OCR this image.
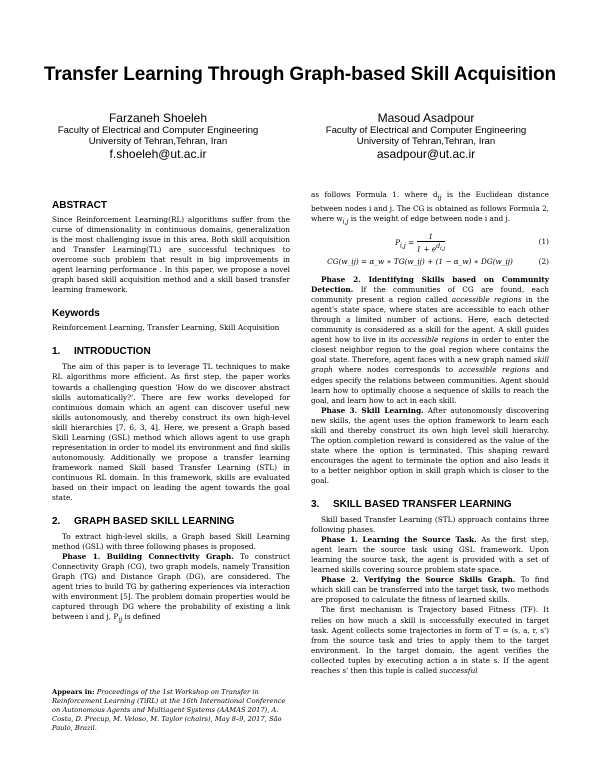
Transfer Learning Through Graph-based Skill Acquisition
Farzaneh Shoeleh
Faculty of Electrical and Computer Engineering
University of Tehran,Tehran, Iran
f.shoeleh@ut.ac.ir
Masoud Asadpour
Faculty of Electrical and Computer Engineering
University of Tehran,Tehran, Iran
asadpour@ut.ac.ir
ABSTRACT

Since Reinforcement Learning(RL) algorithms suffer from the curse of dimensionality in continuous domains, generalization is the most challenging issue in this area. Both skill acquisition and Transfer Learning(TL) are successful techniques to overcome such problem that result in big improvements in agent learning performance . In this paper, we propose a novel graph based skill acquisition method and a skill based transfer learning framework.

Keywords

Reinforcement Learning, Transfer Learning, Skill Acquisition

1. INTRODUCTION

The aim of this paper is to leverage TL techniques to make RL algorithms more efficient. As first step, the paper works towards a challenging question 'How do we discover abstract skills automatically?'. There are few works developed for continuous domain which an agent can discover useful new skills autonomously, and thereby construct its own high-level skill hierarchies [7, 6, 3, 4]. Here, we present a Graph based Skill Learning (GSL) method which allows agent to use graph representation in order to model its environment and find skills autonomously. Additionally we propose a transfer learning framework named Skill based Transfer Learning (STL) in continuous RL domain. In this framework, skills are evaluated based on their impact on leading the agent towards the goal state.

2. GRAPH BASED SKILL LEARNING

To extract high-level skills, a Graph based Skill Learning method (GSL) with three following phases is proposed.

Phase 1. Building Connectivity Graph. To construct Connectivity Graph (CG), two graph models, namely Transition Graph (TG) and Distance Graph (DG), are considered. The agent tries to build TG by gathering experiences via interaction with environment [5]. The problem domain properties would be captured through DG where the probability of existing a link between i and j, $P_{ij}$ is defined

as follows Formula 1. where $d_{ij}$ is the Euclidean distance between nodes i and j. The CG is obtained as follows Formula 2, where $w_{i,j}$ is the weight of edge between node i and j.

$P_{i,j} = \frac{1}{1 + e^{d_{i,j}}}$	(1)
CG(w_ij) = α_w ∗ TG(w_ij) + (1 − α_w) ∗ DG(w_ij)	(2)

Phase 2. Identifying Skills based on Community Detection. If the communities of CG are found, each community present a region called accessible regions in the agent's state space, where states are accessible to each other through a limited number of actions. Here, each detected community is considered as a skill for the agent. A skill guides agent how to live in its accessible regions in order to enter the closest neighbor region to the goal region where contains the goal state. Therefore, agent faces with a new graph named skill graph where nodes corresponds to accessible regions and edges specify the relations between communities. Agent should learn how to optimally choose a sequence of skills to reach the goal, and learn how to act in each skill.

Phase 3. Skill Learning. After autonomously discovering new skills, the agent uses the option framework to learn each skill and thereby construct its own high level skill hierarchy. The option completion reward is considered as the value of the state where the option is terminated. This shaping reward encourages the agent to terminate the option and also leads it to a better neighbor option in skill graph which is closer to the goal.

3. SKILL BASED TRANSFER LEARNING

Skill based Transfer Learning (STL) approach contains three following phases.

Phase 1. Learning the Source Task. As the first step, agent learn the source task using GSL framework. Upon learning the source task, the agent is provided with a set of learned skills covering source problem state space.

Phase 2. Verifying the Source Skills Graph. To find which skill can be transferred into the target task, two methods are proposed to calculate the fitness of learned skills.

The first mechanism is Trajectory based Fitness (TF). It relies on how much a skill is successfully executed in target task. Agent collects some trajectories in form of T = (s, a, r, s') from the source task and tries to apply them to the target environment. In the target domain, the agent verifies the collected tuples by executing action a in state s. If the agent reaches s' then this tuple is called successful

Appears in: Proceedings of the 1st Workshop on Transfer in Reinforcement Learning (TiRL) at the 16th International Conference on Autonomous Agents and Multiagent Systems (AAMAS 2017), A. Costa, D. Precup, M. Veloso, M. Taylor (chairs), May 8–9, 2017, São Paulo, Brazil.
